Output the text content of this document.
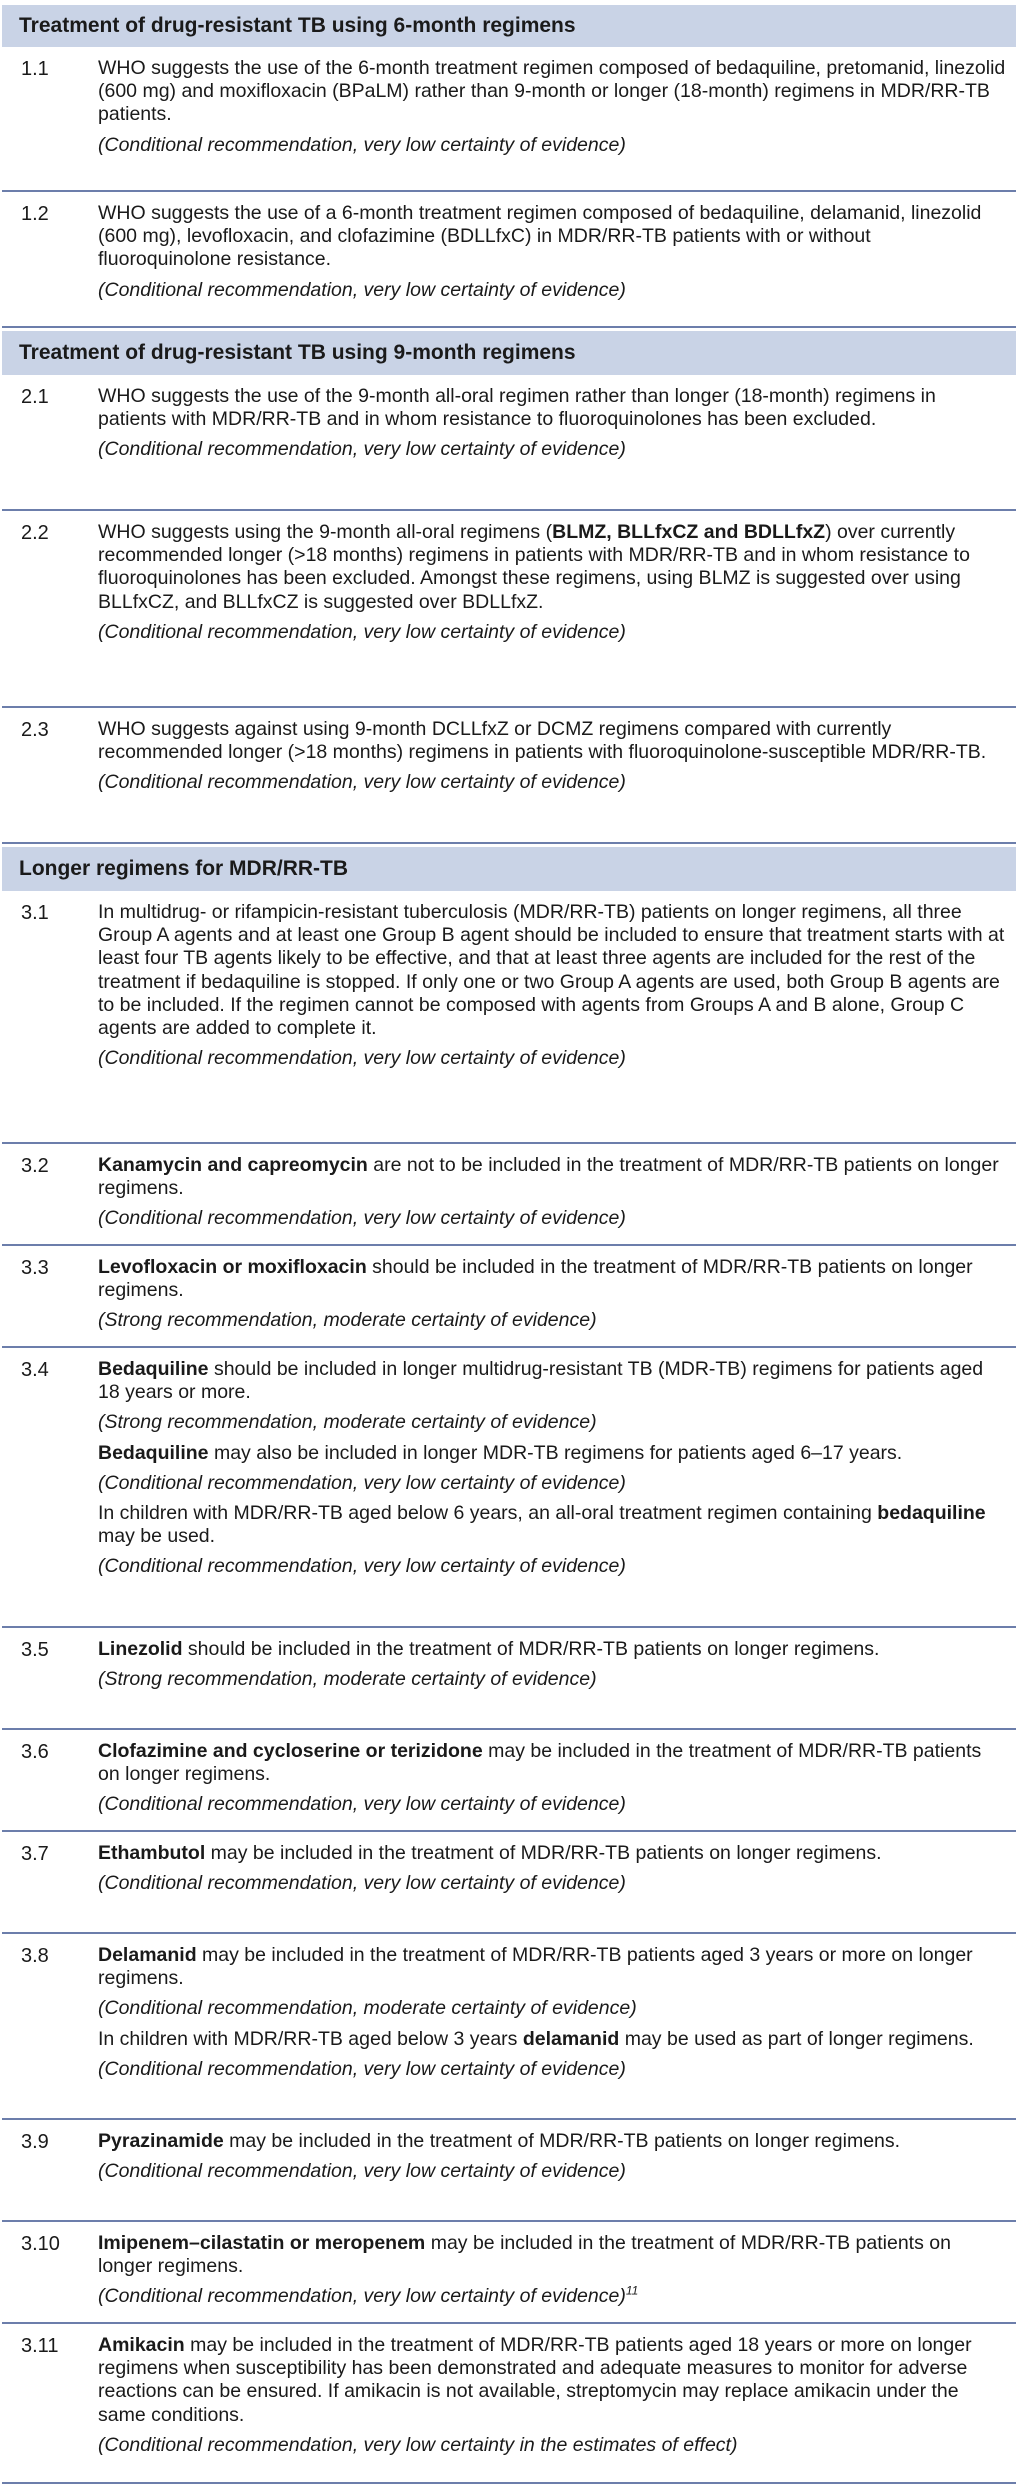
Treatment of drug-resistant TB using 6-month regimens
1.1	WHO suggests the use of the 6-month treatment regimen composed of bedaquiline, pretomanid, linezolid (600 mg) and moxifloxacin (BPaLM) rather than 9-month or longer (18-month) regimens in MDR/RR-TB patients.

(Conditional recommendation, very low certainty of evidence)

1.2	WHO suggests the use of a 6-month treatment regimen composed of bedaquiline, delamanid, linezolid (600 mg), levofloxacin, and clofazimine (BDLLfxC) in MDR/RR-TB patients with or without fluoroquinolone resistance.

(Conditional recommendation, very low certainty of evidence)

Treatment of drug-resistant TB using 9-month regimens
2.1	WHO suggests the use of the 9-month all-oral regimen rather than longer (18-month) regimens in patients with MDR/RR-TB and in whom resistance to fluoroquinolones has been excluded.

(Conditional recommendation, very low certainty of evidence)

2.2	WHO suggests using the 9-month all-oral regimens (BLMZ, BLLfxCZ and BDLLfxZ) over currently recommended longer (>18 months) regimens in patients with MDR/RR-TB and in whom resistance to fluoroquinolones has been excluded. Amongst these regimens, using BLMZ is suggested over using BLLfxCZ, and BLLfxCZ is suggested over BDLLfxZ.

(Conditional recommendation, very low certainty of evidence)

2.3	WHO suggests against using 9-month DCLLfxZ or DCMZ regimens compared with currently recommended longer (>18 months) regimens in patients with fluoroquinolone-susceptible MDR/RR-TB.

(Conditional recommendation, very low certainty of evidence)

Longer regimens for MDR/RR-TB
3.1	In multidrug- or rifampicin-resistant tuberculosis (MDR/RR-TB) patients on longer regimens, all three Group A agents and at least one Group B agent should be included to ensure that treatment starts with at least four TB agents likely to be effective, and that at least three agents are included for the rest of the treatment if bedaquiline is stopped. If only one or two Group A agents are used, both Group B agents are to be included. If the regimen cannot be composed with agents from Groups A and B alone, Group C agents are added to complete it.

(Conditional recommendation, very low certainty of evidence)

3.2	Kanamycin and capreomycin are not to be included in the treatment of MDR/RR-TB patients on longer regimens.

(Conditional recommendation, very low certainty of evidence)

3.3	Levofloxacin or moxifloxacin should be included in the treatment of MDR/RR-TB patients on longer regimens.

(Strong recommendation, moderate certainty of evidence)

3.4	Bedaquiline should be included in longer multidrug-resistant TB (MDR-TB) regimens for patients aged 18 years or more.

(Strong recommendation, moderate certainty of evidence)

Bedaquiline may also be included in longer MDR-TB regimens for patients aged 6–17 years.

(Conditional recommendation, very low certainty of evidence)

In children with MDR/RR-TB aged below 6 years, an all-oral treatment regimen containing bedaquiline may be used.

(Conditional recommendation, very low certainty of evidence)

3.5	Linezolid should be included in the treatment of MDR/RR-TB patients on longer regimens.

(Strong recommendation, moderate certainty of evidence)

3.6	Clofazimine and cycloserine or terizidone may be included in the treatment of MDR/RR-TB patients on longer regimens.

(Conditional recommendation, very low certainty of evidence)

3.7	Ethambutol may be included in the treatment of MDR/RR-TB patients on longer regimens.

(Conditional recommendation, very low certainty of evidence)

3.8	Delamanid may be included in the treatment of MDR/RR-TB patients aged 3 years or more on longer regimens.

(Conditional recommendation, moderate certainty of evidence)

In children with MDR/RR-TB aged below 3 years delamanid may be used as part of longer regimens.

(Conditional recommendation, very low certainty of evidence)

3.9	Pyrazinamide may be included in the treatment of MDR/RR-TB patients on longer regimens.

(Conditional recommendation, very low certainty of evidence)

3.10 Imipenem–cilastatin or meropenem may be included in the treatment of MDR/RR-TB patients on longer regimens.

(Conditional recommendation, very low certainty of evidence)$^{11}$

3.11 Amikacin may be included in the treatment of MDR/RR-TB patients aged 18 years or more on longer regimens when susceptibility has been demonstrated and adequate measures to monitor for adverse reactions can be ensured. If amikacin is not available, streptomycin may replace amikacin under the same conditions.

(Conditional recommendation, very low certainty in the estimates of effect)
